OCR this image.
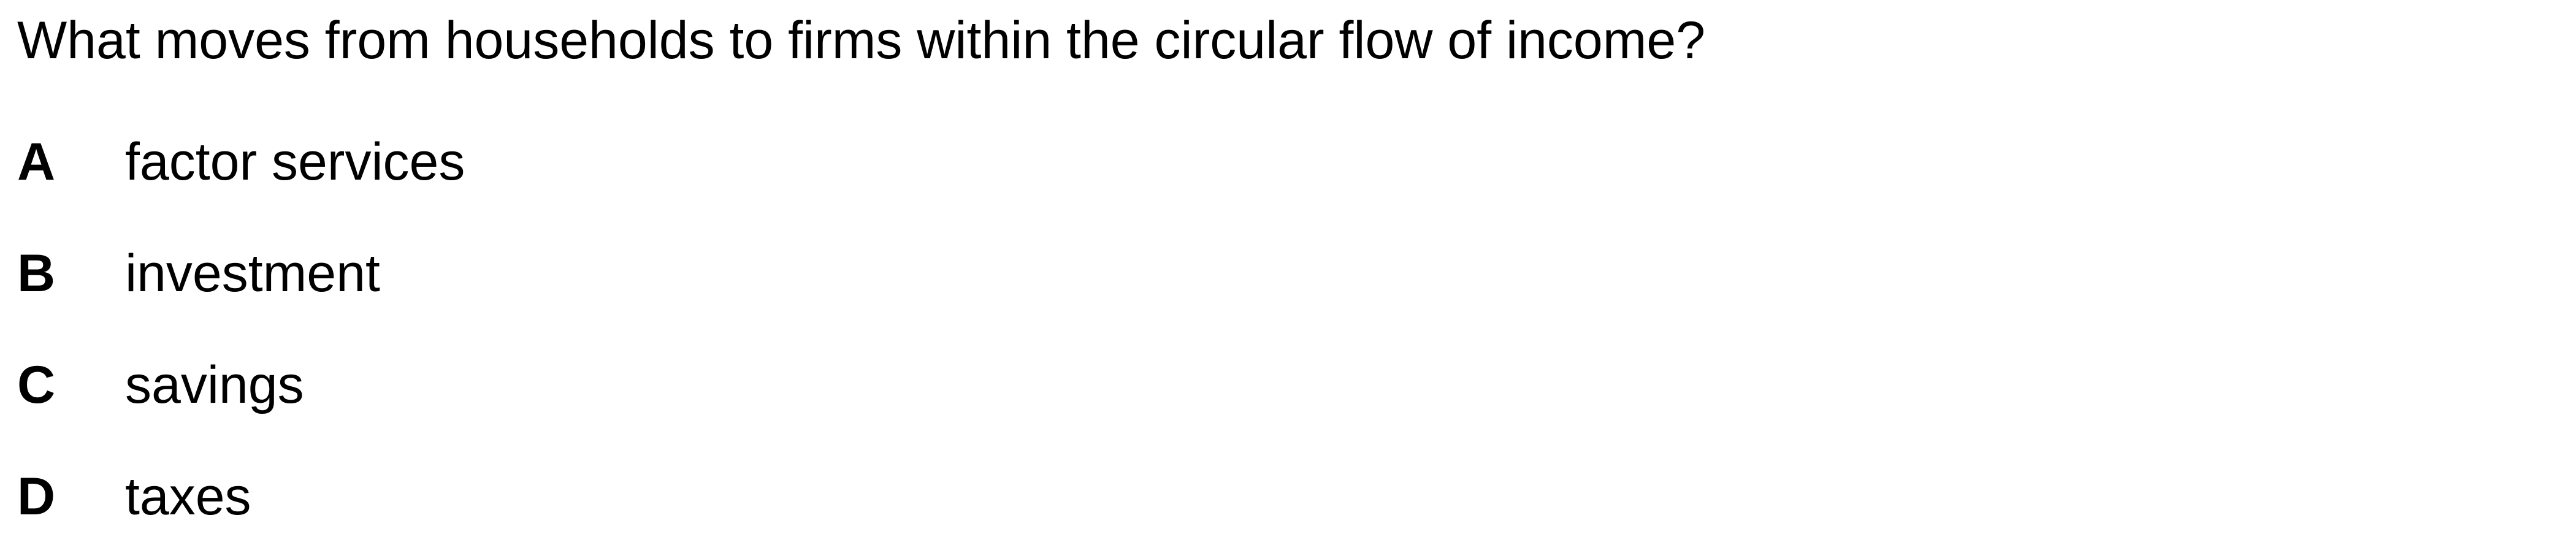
What moves from households to firms within the circular flow of income?
A	factor services
B	investment
C	savings
D	taxes
